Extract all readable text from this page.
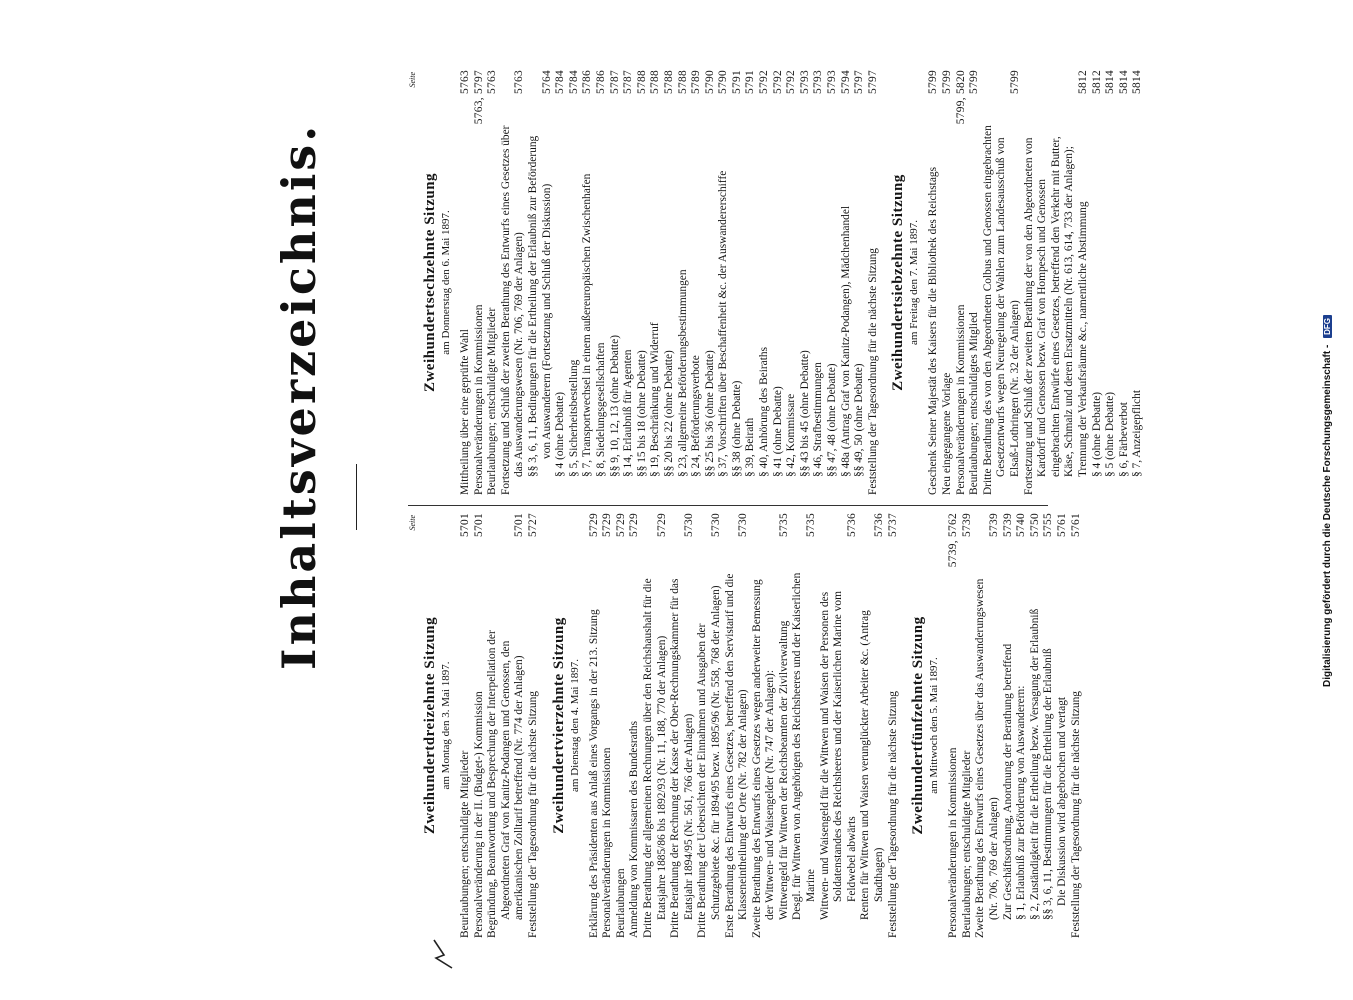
Inhaltsverzeichnis.	Seite
Zweihundertdreizehnte Sitzung am Montag den 3. Mai 1897.
Beurlaubungen; entschuldigte Mitglieder
5701
Personalveränderung in der II. (Budget-) Kommission
5701
Begründung, Beantwortung und Besprechung der Interpellation der Abgeordneten Graf von Kanitz-Podangen und Genossen, den amerikanischen Zolltarif betreffend (Nr. 774 der Anlagen)
5701
Feststellung der Tagesordnung für die nächste Sitzung
5727
Zweihundertvierzehnte Sitzung am Dienstag den 4. Mai 1897. Erklärung des Präsidenten aus Anlaß eines Vorgangs in der 213. Sitzung
5729
Personalveränderungen in Kommissionen
5729
Beurlaubungen
5729
Anmeldung von Kommissaren des Bundesraths
5729
Dritte Berathung der allgemeinen Rechnungen über den Reichshaushalt für die Etatsjahre 1885/86 bis 1892/93 (Nr. 11, 188, 770 der Anlagen)
5729
Dritte Berathung der Rechnung der Kasse der Ober-Rechnungskammer für das Etatsjahr 1894/95 (Nr. 561, 766 der Anlagen)
5730
Dritte Berathung der Uebersichten der Einnahmen und Ausgaben der Schutzgebiete &c. für 1894/95 bezw. 1895/96 (Nr. 558, 768 der Anlagen)
5730
Erste Berathung des Entwurfs eines Gesetzes, betreffend den Servistarif und die Klasseneintheilung der Orte (Nr. 782 der Anlagen)
5730
Zweite Berathung des Entwurfs eines Gesetzes wegen anderweiter Bemessung der Wittwen- und Waisengelder (Nr. 747 der Anlagen): Wittwengeld für Wittwen der Reichsbeamten der Zivilverwaltung
5735
Desgl. für Wittwen von Angehörigen des Reichsheeres und der Kaiserlichen Marine
5735
Wittwen- und Waisengeld für die Wittwen und Waisen der Personen des Soldatenstandes des Reichsheeres und der Kaiserlichen Marine vom Feldwebel abwärts
5736
Renten für Wittwen und Waisen verunglückter Arbeiter &c. (Antrag Stadthagen)
5736
Feststellung der Tagesordnung für die nächste Sitzung
5737
Zweihundertfünfzehnte Sitzung am Mittwoch den 5. Mai 1897.
Personalveränderungen in Kommissionen
5739, 5762
Beurlaubungen; entschuldigte Mitglieder
5739
Zweite Berathung des Entwurfs eines Gesetzes über das Auswanderungswesen (Nr. 706, 769 der Anlagen)
5739
Zur Geschäftsordnung, Anordnung der Berathung betreffend
5739
§ 1, Erlaubniß zur Beförderung von Auswanderern:
5740
§ 2, Zuständigkeit für die Ertheilung bezw. Versagung der Erlaubniß
5750
§§ 3, 6, 11, Bestimmungen für die Ertheilung der Erlaubniß
5755
Die Diskussion wird abgebrochen und vertagt
5761
Feststellung der Tagesordnung für die nächste Sitzung
5761
Seite
Zweihundertsechzehnte Sitzung am Donnerstag den 6. Mai 1897.
Mittheilung über eine geprüfte Wahl
5763
Personalveränderungen in Kommissionen
5763, 5797
Beurlaubungen; entschuldigte Mitglieder
5763
Fortsetzung und Schluß der zweiten Berathung des Entwurfs eines Gesetzes über das Auswanderungswesen (Nr. 706, 769 der Anlagen)
5763
§§ 3, 6, 11, Bedingungen für die Ertheilung der Erlaubniß zur Beförderung von Auswanderern (Fortsetzung und Schluß der Diskussion)
5764
§ 4 (ohne Debatte)
5784
§ 5, Sicherheitsbestellung
5784
§ 7, Transportwechsel in einem außereuropäischen Zwischenhafen
5786
§ 8, Siedelungsgesellschaften
5786
§§ 9, 10, 12, 13 (ohne Debatte)
5787
§ 14, Erlaubniß für Agenten
5787
§§ 15 bis 18 (ohne Debatte)
5788
§ 19, Beschränkung und Widerruf
5788
§§ 20 bis 22 (ohne Debatte)
5788
§ 23, allgemeine Beförderungsbestimmungen
5788
§ 24, Beförderungsverbote
5789
§§ 25 bis 36 (ohne Debatte)
5790
§ 37, Vorschriften über Beschaffenheit &c. der Auswandererschiffe
5790
§§ 38 (ohne Debatte)
5791
§ 39, Beirath
5791
§ 40, Anhörung des Beiraths
5792
§ 41 (ohne Debatte)
5792
§ 42, Kommissare
5792
§§ 43 bis 45 (ohne Debatte)
5793
§ 46, Strafbestimmungen
5793
§§ 47, 48 (ohne Debatte)
5793
§ 48a (Antrag Graf von Kanitz-Podangen), Mädchenhandel
5794
§§ 49, 50 (ohne Debatte)
5797
Feststellung der Tagesordnung für die nächste Sitzung
5797
Zweihundertsiebzehnte Sitzung am Freitag den 7. Mai 1897. Geschenk Seiner Majestät des Kaisers für die Bibliothek des Reichstags
5799
Neu eingegangene Vorlage
5799
Personalveränderungen in Kommissionen
5799, 5820
Beurlaubungen; entschuldigtes Mitglied
5799
Dritte Berathung des von den Abgeordneten Colbus und Genossen eingebrachten Gesetzentwurfs wegen Neuregelung der Wahlen zum Landesausschuß von Elsaß-Lothringen (Nr. 32 der Anlagen)
5799
Fortsetzung und Schluß der zweiten Berathung der von den Abgeordneten von Kardorff und Genossen bezw. Graf von Hompesch und Genossen eingebrachten Entwürfe eines Gesetzes, betreffend den Verkehr mit Butter, Käse, Schmalz und deren Ersatzmitteln (Nr. 613, 614, 733 der Anlagen); Trennung der Verkaufsräume &c., namentliche Abstimmung
5812
§ 4 (ohne Debatte)
5812
§ 5 (ohne Debatte)
5814
§ 6, Färbeverbot
5814
§ 7, Anzeigepflicht
5814
Digitalisierung gefördert durch die Deutsche Forschungsgemeinschaft - DFG
